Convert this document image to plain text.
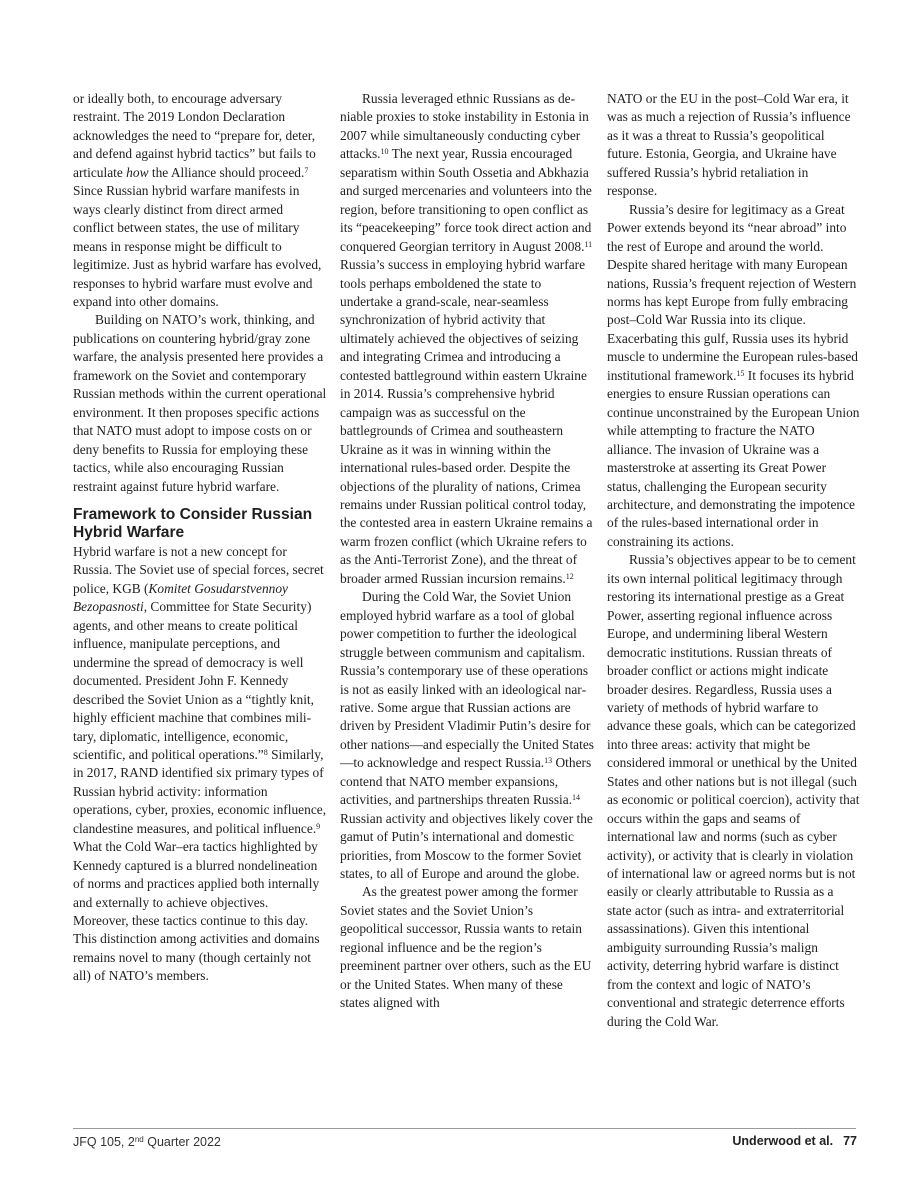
or ideally both, to encourage adversary restraint. The 2019 London Declaration acknowledges the need to “prepare for, deter, and defend against hybrid tactics” but fails to articulate how the Alliance should proceed.$^7$ Since Russian hybrid warfare manifests in ways clearly distinct from direct armed conflict between states, the use of military means in response might be difficult to legitimize. Just as hybrid warfare has evolved, responses to hybrid warfare must evolve and expand into other domains.

Building on NATO’s work, thinking, and publications on countering hybrid/gray zone warfare, the analysis presented here provides a framework on the Soviet and contemporary Russian methods within the current operational environment. It then proposes specific actions that NATO must adopt to impose costs on or deny benefits to Russia for employing these tactics, while also encouraging Russian restraint against future hybrid warfare.

Framework to Consider Russian Hybrid Warfare

Hybrid warfare is not a new concept for Russia. The Soviet use of special forces, secret police, KGB (Komitet Gosudarstvennoy Bezopasnosti, Committee for State Security) agents, and other means to create political influence, manipulate perceptions, and undermine the spread of democracy is well documented. President John F. Kennedy described the Soviet Union as a “tightly knit, highly efficient machine that combines military, diplomatic, intelligence, economic, scientific, and political operations.”$^8$ Similarly, in 2017, RAND identified six primary types of Russian hybrid activity: information operations, cyber, proxies, economic influence, clandestine measures, and political influence.$^9$ What the Cold War–era tactics highlighted by Kennedy captured is a blurred nondelineation of norms and practices applied both internally and externally to achieve objectives. Moreover, these tactics continue to this day. This distinction among activities and domains remains novel to many (though certainly not all) of NATO’s members.

Russia leveraged ethnic Russians as deniable proxies to stoke instability in Estonia in 2007 while simultaneously conducting cyber attacks.$^{10}$ The next year, Russia encouraged separatism within South Ossetia and Abkhazia and surged mercenaries and volunteers into the region, before transitioning to open conflict as its “peacekeeping” force took direct action and conquered Georgian territory in August 2008.11 Russia’s success in employing hybrid warfare tools perhaps emboldened the state to undertake a grand-scale, near-seamless synchronization of hybrid activity that ultimately achieved the objectives of seizing and integrating Crimea and introducing a contested battleground within eastern Ukraine in 2014. Russia’s comprehensive hybrid campaign was as successful on the battlegrounds of Crimea and southeastern Ukraine as it was in winning within the international rules-based order. Despite the objections of the plurality of nations, Crimea remains under Russian political control today, the contested area in eastern Ukraine remains a warm frozen conflict (which Ukraine refers to as the Anti-Terrorist Zone), and the threat of broader armed Russian incursion remains.$^{12}$

During the Cold War, the Soviet Union employed hybrid warfare as a tool of global power competition to further the ideological struggle between communism and capitalism. Russia’s contemporary use of these operations is not as easily linked with an ideological narrative. Some argue that Russian actions are driven by President Vladimir Putin’s desire for other nations—and especially the United States—to acknowledge and respect Russia.$^{13}$ Others contend that NATO member expansions, activities, and partnerships threaten Russia.$^{14}$ Russian activity and objectives likely cover the gamut of Putin’s international and domestic priorities, from Moscow to the former Soviet states, to all of Europe and around the globe.

As the greatest power among the former Soviet states and the Soviet Union’s geopolitical successor, Russia wants to retain regional influence and be the region’s preeminent partner over others, such as the EU or the United States. When many of these states aligned with

NATO or the EU in the post–Cold War era, it was as much a rejection of Russia’s influence as it was a threat to Russia’s geopolitical future. Estonia, Georgia, and Ukraine have suffered Russia’s hybrid retaliation in response.

Russia’s desire for legitimacy as a Great Power extends beyond its “near abroad” into the rest of Europe and around the world. Despite shared heritage with many European nations, Russia’s frequent rejection of Western norms has kept Europe from fully embracing post–Cold War Russia into its clique. Exacerbating this gulf, Russia uses its hybrid muscle to undermine the European rules-based institutional framework.$^{15}$ It focuses its hybrid energies to ensure Russian operations can continue unconstrained by the European Union while attempting to fracture the NATO alliance. The invasion of Ukraine was a masterstroke at asserting its Great Power status, challenging the European security architecture, and demonstrating the impotence of the rules-based international order in constraining its actions.

Russia’s objectives appear to be to cement its own internal political legitimacy through restoring its international prestige as a Great Power, asserting regional influence across Europe, and undermining liberal Western democratic institutions. Russian threats of broader conflict or actions might indicate broader desires. Regardless, Russia uses a variety of methods of hybrid warfare to advance these goals, which can be categorized into three areas: activity that might be considered immoral or unethical by the United States and other nations but is not illegal (such as economic or political coercion), activity that occurs within the gaps and seams of international law and norms (such as cyber activity), or activity that is clearly in violation of international law or agreed norms but is not easily or clearly attributable to Russia as a state actor (such as intra- and extraterritorial assassinations). Given this intentional ambiguity surrounding Russia’s malign activity, deterring hybrid warfare is distinct from the context and logic of NATO’s conventional and strategic deterrence efforts during the Cold War.

JFQ 105, 2nd Quarter 2022	Underwood et al. 77
